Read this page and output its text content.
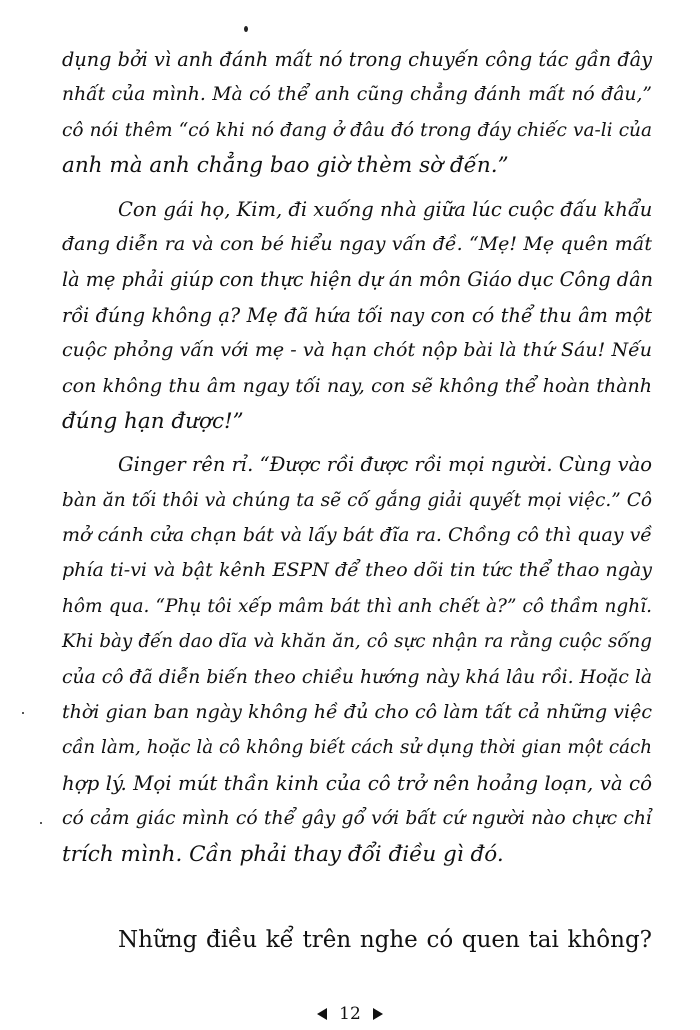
dụng bởi vì anh đánh mất nó trong chuyến công tác gần đây
nhất của mình. Mà có thể anh cũng chẳng đánh mất nó đâu,”
cô nói thêm “có khi nó đang ở đâu đó trong đáy chiếc va-li của
anh mà anh chẳng bao giờ thèm sờ đến.”
Con gái họ, Kim, đi xuống nhà giữa lúc cuộc đấu khẩu
đang diễn ra và con bé hiểu ngay vấn đề. “Mẹ! Mẹ quên mất
là mẹ phải giúp con thực hiện dự án môn Giáo dục Công dân
rồi đúng không ạ? Mẹ đã hứa tối nay con có thể thu âm một
cuộc phỏng vấn với mẹ - và hạn chót nộp bài là thứ Sáu! Nếu
con không thu âm ngay tối nay, con sẽ không thể hoàn thành
đúng hạn được!”
Ginger rên rỉ. “Được rồi được rồi mọi người. Cùng vào
bàn ăn tối thôi và chúng ta sẽ cố gắng giải quyết mọi việc.” Cô
mở cánh cửa chạn bát và lấy bát đĩa ra. Chồng cô thì quay về
phía ti-vi và bật kênh ESPN để theo dõi tin tức thể thao ngày
hôm qua. “Phụ tôi xếp mâm bát thì anh chết à?” cô thầm nghĩ.
Khi bày đến dao dĩa và khăn ăn, cô sực nhận ra rằng cuộc sống
của cô đã diễn biến theo chiều hướng này khá lâu rồi. Hoặc là
thời gian ban ngày không hề đủ cho cô làm tất cả những việc
cần làm, hoặc là cô không biết cách sử dụng thời gian một cách
hợp lý. Mọi mút thần kinh của cô trở nên hoảng loạn, và cô
có cảm giác mình có thể gây gổ với bất cứ người nào chực chỉ
trích mình. Cần phải thay đổi điều gì đó.
Những điều kể trên nghe có quen tai không?
12
